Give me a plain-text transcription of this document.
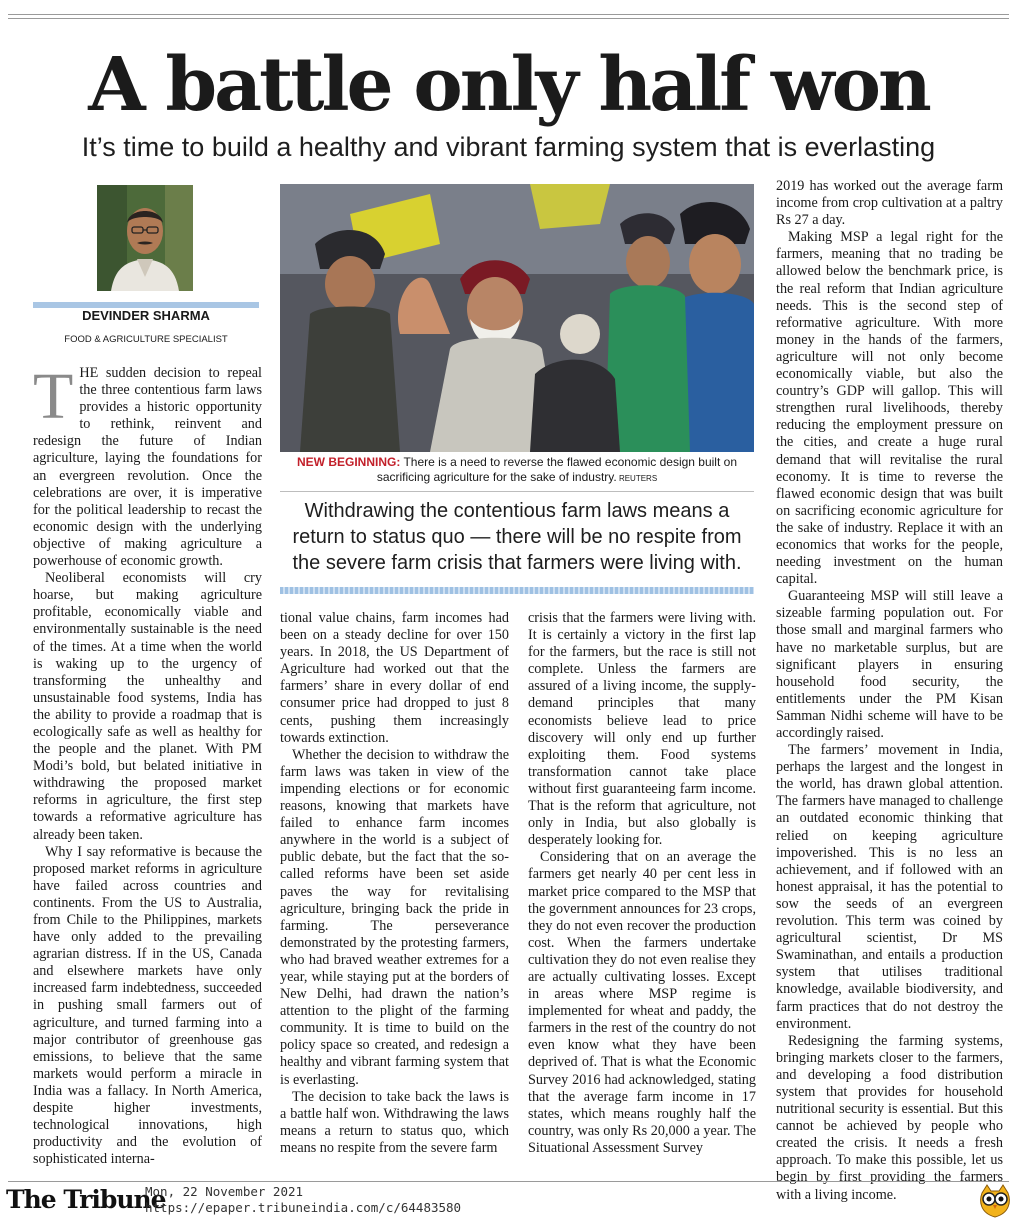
A battle only half won
It’s time to build a healthy and vibrant farming system that is everlasting
DEVINDER SHARMA
FOOD & AGRICULTURE SPECIALIST
NEW BEGINNING: There is a need to reverse the flawed economic design built on sacrificing agriculture for the sake of industry. REUTERS
Withdrawing the contentious farm laws means a return to status quo — there will be no respite from the severe farm crisis that farmers were living with.

THE sudden decision to repeal the three contentious farm laws provides a historic opportunity to rethink, reinvent and redesign the future of Indian agriculture, laying the foundations for an evergreen revolution. Once the celebrations are over, it is imperative for the political leadership to recast the economic design with the underlying objective of making agriculture a powerhouse of economic growth.

Neoliberal economists will cry hoarse, but making agriculture profitable, economically viable and environmentally sustainable is the need of the times. At a time when the world is waking up to the urgency of transforming the unhealthy and unsustainable food systems, India has the ability to provide a roadmap that is ecologically safe as well as healthy for the people and the planet. With PM Modi’s bold, but belated initiative in withdrawing the proposed market reforms in agriculture, the first step towards a reformative agriculture has already been taken.

Why I say reformative is because the proposed market reforms in agriculture have failed across countries and continents. From the US to Australia, from Chile to the Philippines, markets have only added to the prevailing agrarian distress. If in the US, Canada and elsewhere markets have only increased farm indebtedness, succeeded in pushing small farmers out of agriculture, and turned farming into a major contributor of greenhouse gas emissions, to believe that the same markets would perform a miracle in India was a fallacy. In North America, despite higher investments, technological innovations, high productivity and the evolution of sophisticated interna-

tional value chains, farm incomes had been on a steady decline for over 150 years. In 2018, the US Department of Agriculture had worked out that the farmers’ share in every dollar of end consumer price had dropped to just 8 cents, pushing them increasingly towards extinction.

Whether the decision to withdraw the farm laws was taken in view of the impending elections or for economic reasons, knowing that markets have failed to enhance farm incomes anywhere in the world is a subject of public debate, but the fact that the so-called reforms have been set aside paves the way for revitalising agriculture, bringing back the pride in farming. The perseverance demonstrated by the protesting farmers, who had braved weather extremes for a year, while staying put at the borders of New Delhi, had drawn the nation’s attention to the plight of the farming community. It is time to build on the policy space so created, and redesign a healthy and vibrant farming system that is everlasting.

The decision to take back the laws is a battle half won. Withdrawing the laws means a return to status quo, which means no respite from the severe farm

crisis that the farmers were living with. It is certainly a victory in the first lap for the farmers, but the race is still not complete. Unless the farmers are assured of a living income, the supply-demand principles that many economists believe lead to price discovery will only end up further exploiting them. Food systems transformation cannot take place without first guaranteeing farm income. That is the reform that agriculture, not only in India, but also globally is desperately looking for.

Considering that on an average the farmers get nearly 40 per cent less in market price compared to the MSP that the government announces for 23 crops, they do not even recover the production cost. When the farmers undertake cultivation they do not even realise they are actually cultivating losses. Except in areas where MSP regime is implemented for wheat and paddy, the farmers in the rest of the country do not even know what they have been deprived of. That is what the Economic Survey 2016 had acknowledged, stating that the average farm income in 17 states, which means roughly half the country, was only Rs 20,000 a year. The Situational Assessment Survey

2019 has worked out the average farm income from crop cultivation at a paltry Rs 27 a day.

Making MSP a legal right for the farmers, meaning that no trading be allowed below the benchmark price, is the real reform that Indian agriculture needs. This is the second step of reformative agriculture. With more money in the hands of the farmers, agriculture will not only become economically viable, but also the country’s GDP will gallop. This will strengthen rural livelihoods, thereby reducing the employment pressure on the cities, and create a huge rural demand that will revitalise the rural economy. It is time to reverse the flawed economic design that was built on sacrificing economic agriculture for the sake of industry. Replace it with an economics that works for the people, needing investment on the human capital.

Guaranteeing MSP will still leave a sizeable farming population out. For those small and marginal farmers who have no marketable surplus, but are significant players in ensuring household food security, the entitlements under the PM Kisan Samman Nidhi scheme will have to be accordingly raised.

The farmers’ movement in India, perhaps the largest and the longest in the world, has drawn global attention. The farmers have managed to challenge an outdated economic thinking that relied on keeping agriculture impoverished. This is no less an achievement, and if followed with an honest appraisal, it has the potential to sow the seeds of an evergreen revolution. This term was coined by agricultural scientist, Dr MS Swaminathan, and entails a production system that utilises traditional knowledge, available biodiversity, and farm practices that do not destroy the environment.

Redesigning the farming systems, bringing markets closer to the farmers, and developing a food distribution system that provides for household nutritional security is essential. But this cannot be achieved by people who created the crisis. It needs a fresh approach. To make this possible, let us begin by first providing the farmers with a living income.

The Tribune
Mon, 22 November 2021
https://epaper.tribuneindia.com/c/64483580
